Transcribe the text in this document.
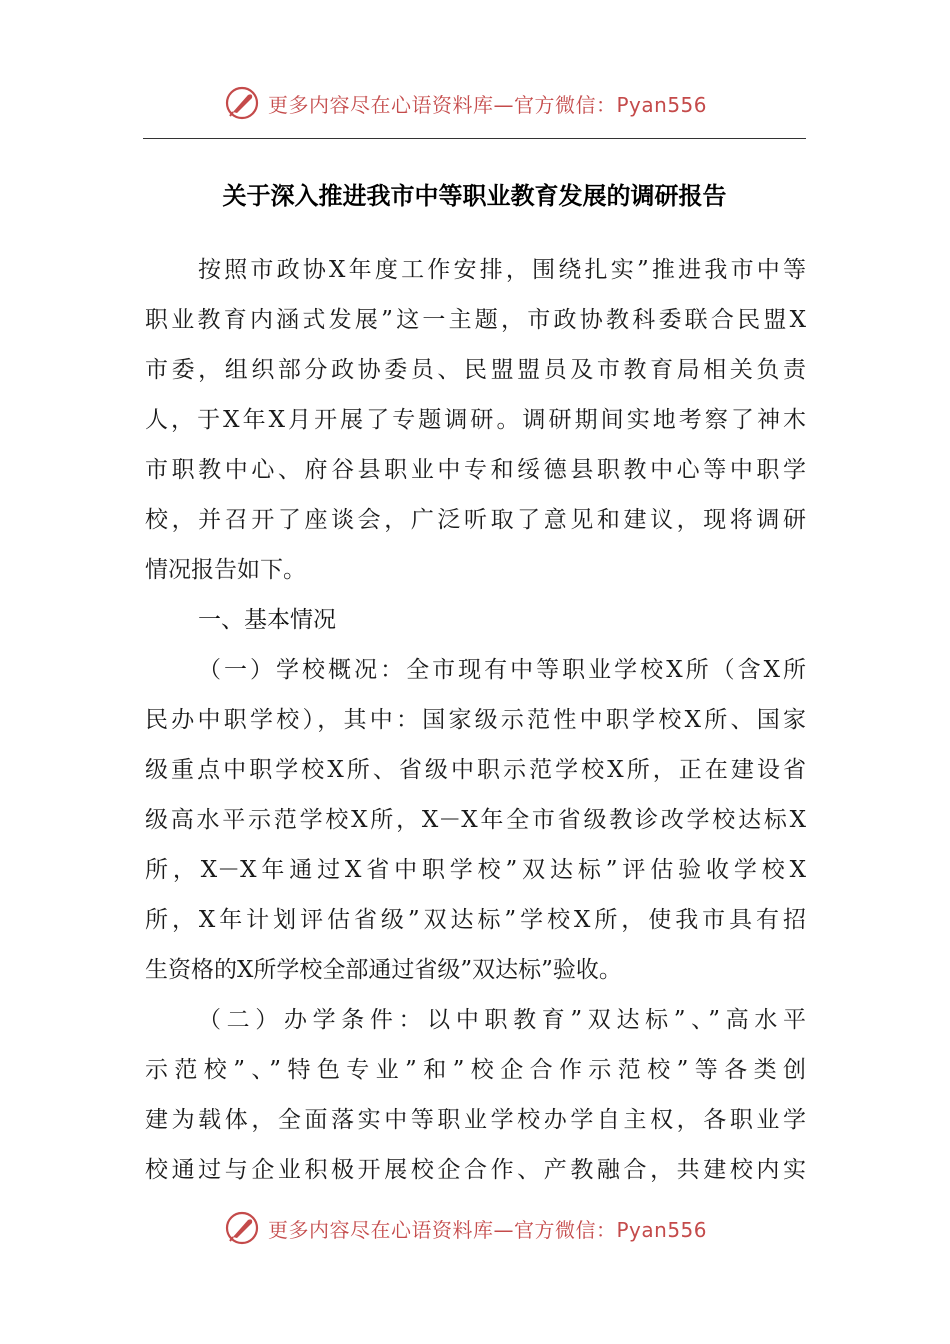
更多内容尽在心语资料库—官方微信：Pyan556
关于深入推进我市中等职业教育发展的调研报告
按照市政协X年度工作安排，围绕扎实”推进我市中等
职业教育内涵式发展”这一主题，市政协教科委联合民盟X
市委，组织部分政协委员、民盟盟员及市教育局相关负责
人，于X年X月开展了专题调研。调研期间实地考察了神木
市职教中心、府谷县职业中专和绥德县职教中心等中职学
校，并召开了座谈会，广泛听取了意见和建议，现将调研
情况报告如下。
一、基本情况
（一）学校概况：全市现有中等职业学校X所（含X所
民办中职学校），其中：国家级示范性中职学校X所、国家
级重点中职学校X所、省级中职示范学校X所，正在建设省
级高水平示范学校X所，X－X年全市省级教诊改学校达标X
所，X－X年通过X省中职学校”双达标”评估验收学校X
所，X年计划评估省级”双达标”学校X所，使我市具有招
生资格的X所学校全部通过省级”双达标”验收。
（二）办学条件：以中职教育”双达标”、”高水平
示范校”、”特色专业”和”校企合作示范校”等各类创
建为载体，全面落实中等职业学校办学自主权，各职业学
校通过与企业积极开展校企合作、产教融合，共建校内实
更多内容尽在心语资料库—官方微信：Pyan556
